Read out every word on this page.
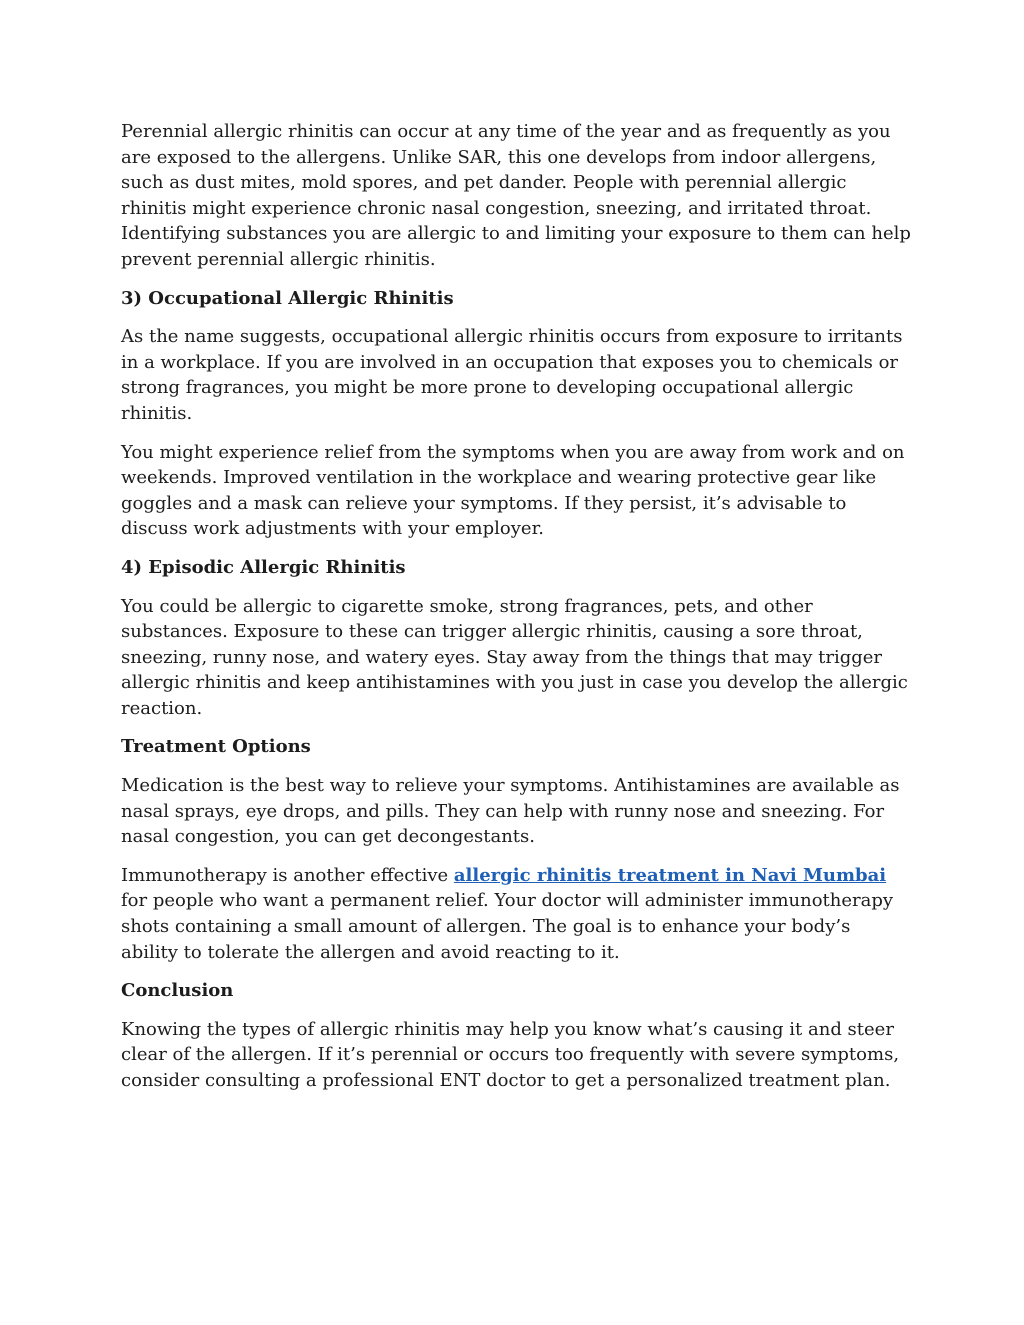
Perennial allergic rhinitis can occur at any time of the year and as frequently as you are exposed to the allergens. Unlike SAR, this one develops from indoor allergens, such as dust mites, mold spores, and pet dander. People with perennial allergic rhinitis might experience chronic nasal congestion, sneezing, and irritated throat. Identifying substances you are allergic to and limiting your exposure to them can help prevent perennial allergic rhinitis.

3) Occupational Allergic Rhinitis

As the name suggests, occupational allergic rhinitis occurs from exposure to irritants in a workplace. If you are involved in an occupation that exposes you to chemicals or strong fragrances, you might be more prone to developing occupational allergic rhinitis.

You might experience relief from the symptoms when you are away from work and on weekends. Improved ventilation in the workplace and wearing protective gear like goggles and a mask can relieve your symptoms. If they persist, it’s advisable to discuss work adjustments with your employer.

4) Episodic Allergic Rhinitis

You could be allergic to cigarette smoke, strong fragrances, pets, and other substances. Exposure to these can trigger allergic rhinitis, causing a sore throat, sneezing, runny nose, and watery eyes. Stay away from the things that may trigger allergic rhinitis and keep antihistamines with you just in case you develop the allergic reaction.

Treatment Options

Medication is the best way to relieve your symptoms. Antihistamines are available as nasal sprays, eye drops, and pills. They can help with runny nose and sneezing. For nasal congestion, you can get decongestants.

Immunotherapy is another effective allergic rhinitis treatment in Navi Mumbai for people who want a permanent relief. Your doctor will administer immunotherapy shots containing a small amount of allergen. The goal is to enhance your body’s ability to tolerate the allergen and avoid reacting to it.

Conclusion

Knowing the types of allergic rhinitis may help you know what’s causing it and steer clear of the allergen. If it’s perennial or occurs too frequently with severe symptoms, consider consulting a professional ENT doctor to get a personalized treatment plan.
